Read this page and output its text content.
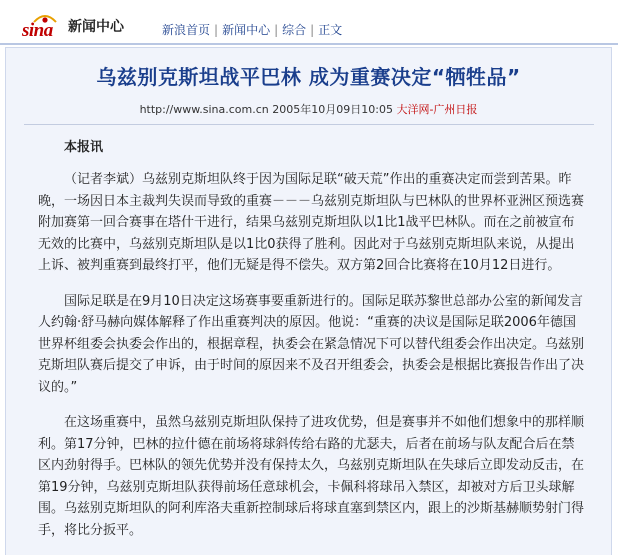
sina 新闻中心	新浪首页 | 新闻中心 | 综合 | 正文
乌兹别克斯坦战平巴林 成为重赛决定“牺牲品”
http://www.sina.com.cn 2005年10月09日10:05 大洋网-广州日报
本报讯

（记者李斌）乌兹别克斯坦队终于因为国际足联“破天荒”作出的重赛决定而尝到苦果。昨晚，一场因日本主裁判失误而导致的重赛－－－乌兹别克斯坦队与巴林队的世界杯亚洲区预选赛附加赛第一回合赛事在塔什干进行，结果乌兹别克斯坦队以1比1战平巴林队。而在之前被宣布无效的比赛中，乌兹别克斯坦队是以1比0获得了胜利。因此对于乌兹别克斯坦队来说，从提出上诉、被判重赛到最终打平，他们无疑是得不偿失。双方第2回合比赛将在10月12日进行。

国际足联是在9月10日决定这场赛事要重新进行的。国际足联苏黎世总部办公室的新闻发言人约翰·舒马赫向媒体解释了作出重赛判决的原因。他说：“重赛的决议是国际足联2006年德国世界杯组委会执委会作出的，根据章程，执委会在紧急情况下可以替代组委会作出决定。乌兹别克斯坦队赛后提交了申诉，由于时间的原因来不及召开组委会，执委会是根据比赛报告作出了决议的。”

在这场重赛中，虽然乌兹别克斯坦队保持了进攻优势，但是赛事并不如他们想象中的那样顺利。第17分钟，巴林的拉什德在前场将球斜传给右路的尤瑟夫，后者在前场与队友配合后在禁区内劲射得手。巴林队的领先优势并没有保持太久，乌兹别克斯坦队在失球后立即发动反击，在第19分钟，乌兹别克斯坦队获得前场任意球机会，卡佩科将球吊入禁区，却被对方后卫头球解围。乌兹别克斯坦队的阿利库洛夫重新控制球后将球直塞到禁区内，跟上的沙斯基赫顺势射门得手，将比分扳平。
